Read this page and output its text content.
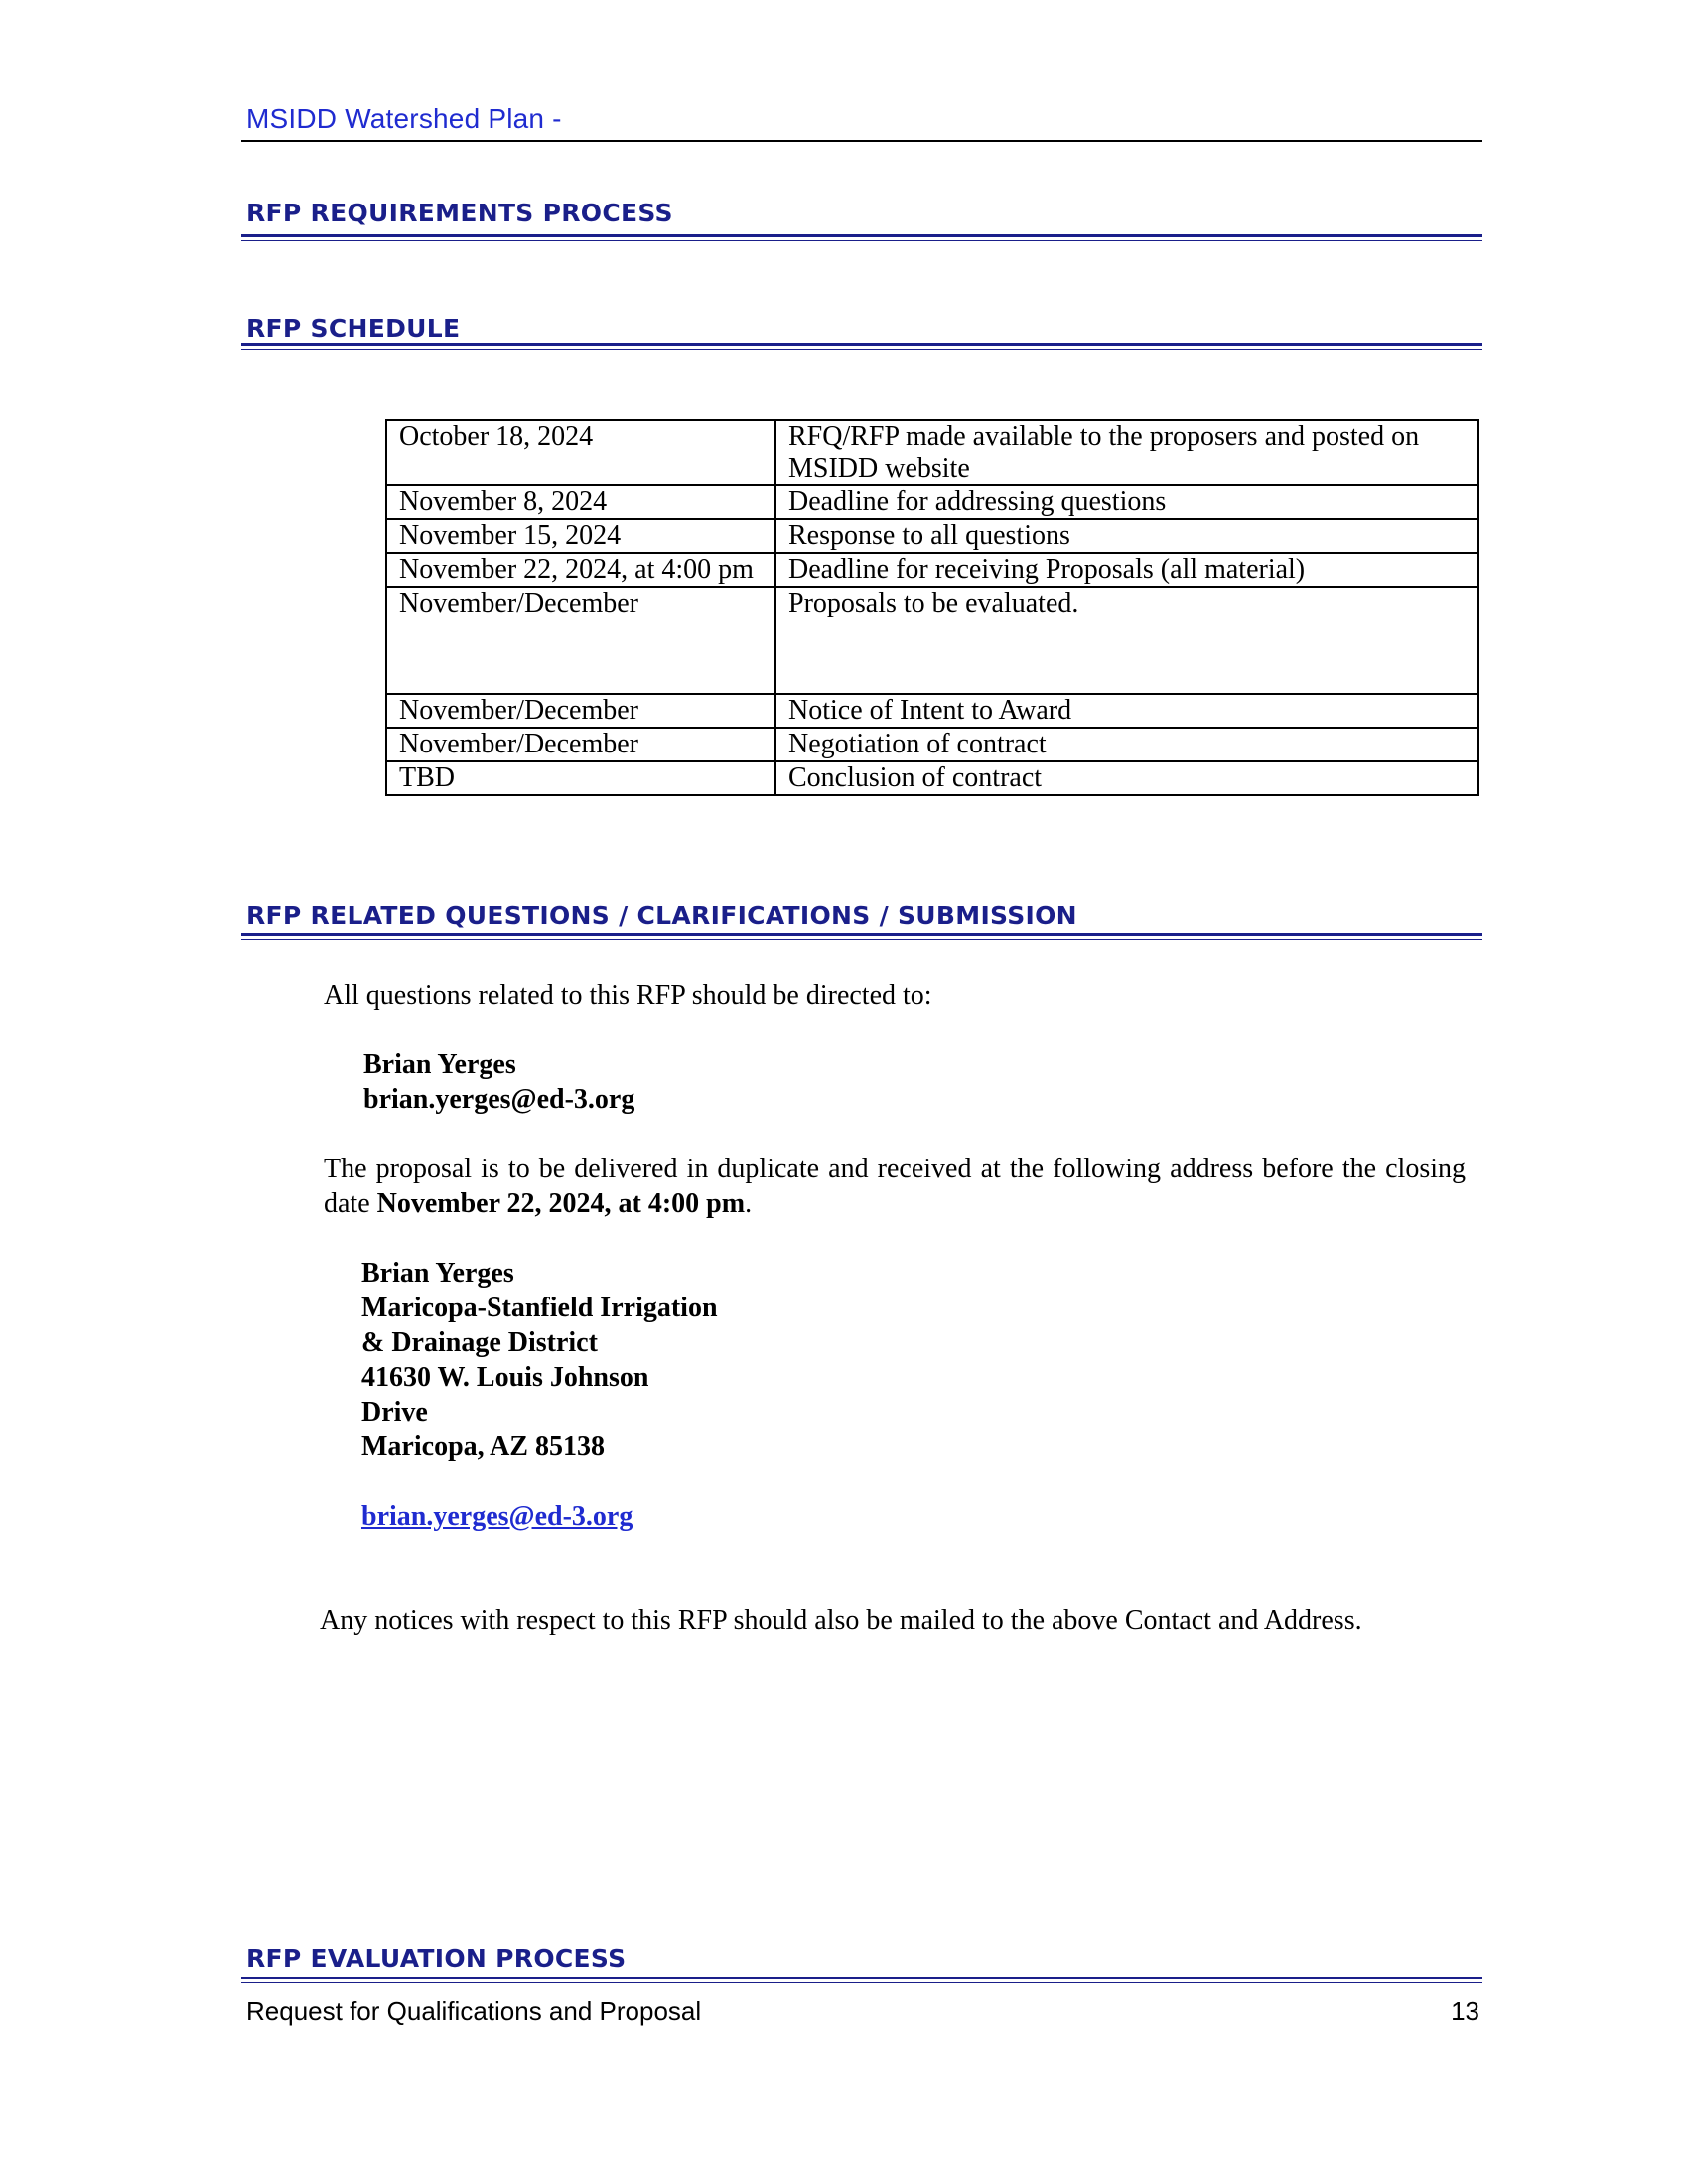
MSIDD Watershed Plan -
RFP REQUIREMENTS PROCESS
RFP SCHEDULE
October 18, 2024	RFQ/RFP made available to the proposers and posted on MSIDD website
November 8, 2024	Deadline for addressing questions
November 15, 2024	Response to all questions
November 22, 2024, at 4:00 pm	Deadline for receiving Proposals (all material)
November/December	Proposals to be evaluated.
November/December	Notice of Intent to Award
November/December	Negotiation of contract
TBD	Conclusion of contract
RFP RELATED QUESTIONS / CLARIFICATIONS / SUBMISSION
All questions related to this RFP should be directed to:
Brian Yerges
brian.yerges@ed-3.org
The proposal is to be delivered in duplicate and received at the following address before the closing date November 22, 2024, at 4:00 pm.
Brian Yerges
Maricopa-Stanfield Irrigation
& Drainage District
41630 W. Louis Johnson
Drive
Maricopa, AZ 85138
brian.yerges@ed-3.org
Any notices with respect to this RFP should also be mailed to the above Contact and Address.
RFP EVALUATION PROCESS
Request for Qualifications and Proposal	13
